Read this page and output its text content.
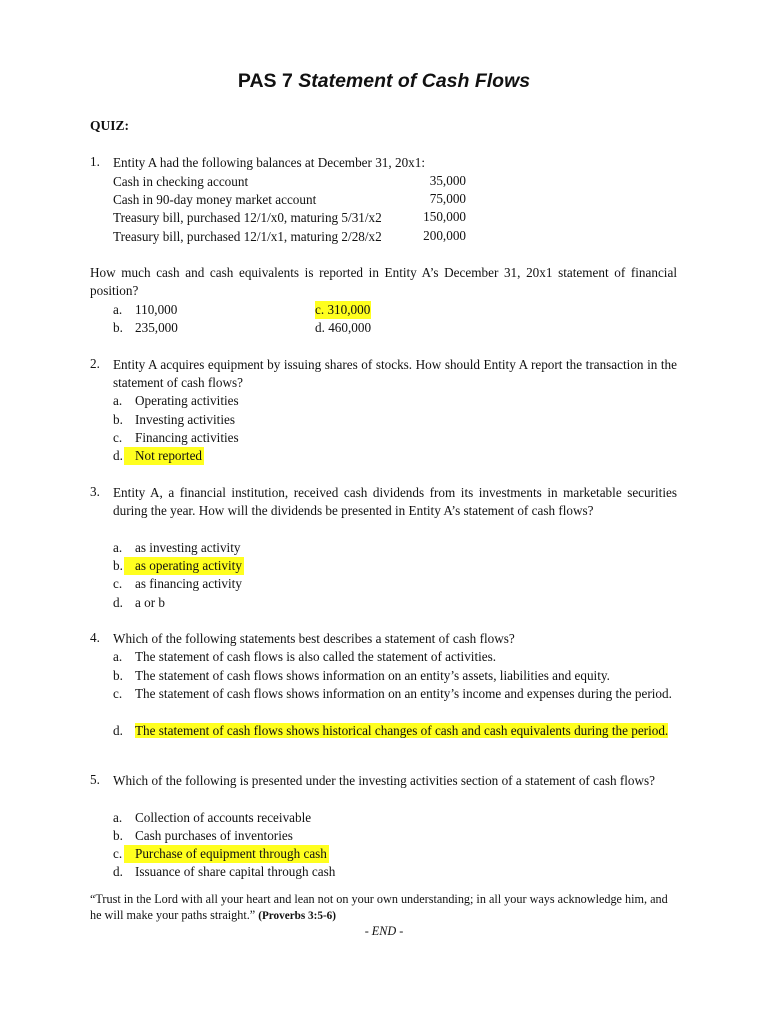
PAS 7 Statement of Cash Flows
QUIZ:
1. Entity A had the following balances at December 31, 20x1:
Cash in checking account	35,000
Cash in 90-day money market account	75,000
Treasury bill, purchased 12/1/x0, maturing 5/31/x2	150,000
Treasury bill, purchased 12/1/x1, maturing 2/28/x2	200,000
How much cash and cash equivalents is reported in Entity A’s December 31, 20x1 statement of financial position?
a. 110,000
b. 235,000
c. 310,000
d. 460,000
2. Entity A acquires equipment by issuing shares of stocks. How should Entity A report the transaction in the statement of cash flows?
a. Operating activities
b. Investing activities
c. Financing activities
d. Not reported
3. Entity A, a financial institution, received cash dividends from its investments in marketable securities during the year. How will the dividends be presented in Entity A’s statement of cash flows?
a. as investing activity
b. as operating activity
c. as financing activity
d. a or b
4. Which of the following statements best describes a statement of cash flows?
a. The statement of cash flows is also called the statement of activities.
b. The statement of cash flows shows information on an entity’s assets, liabilities and equity.
c. The statement of cash flows shows information on an entity’s income and expenses during the period.
d. The statement of cash flows shows historical changes of cash and cash equivalents during the period.
5. Which of the following is presented under the investing activities section of a statement of cash flows?
a. Collection of accounts receivable
b. Cash purchases of inventories
c. Purchase of equipment through cash
d. Issuance of share capital through cash
“Trust in the Lord with all your heart and lean not on your own understanding; in all your ways acknowledge him, and he will make your paths straight.” (Proverbs 3:5-6)
- END -
